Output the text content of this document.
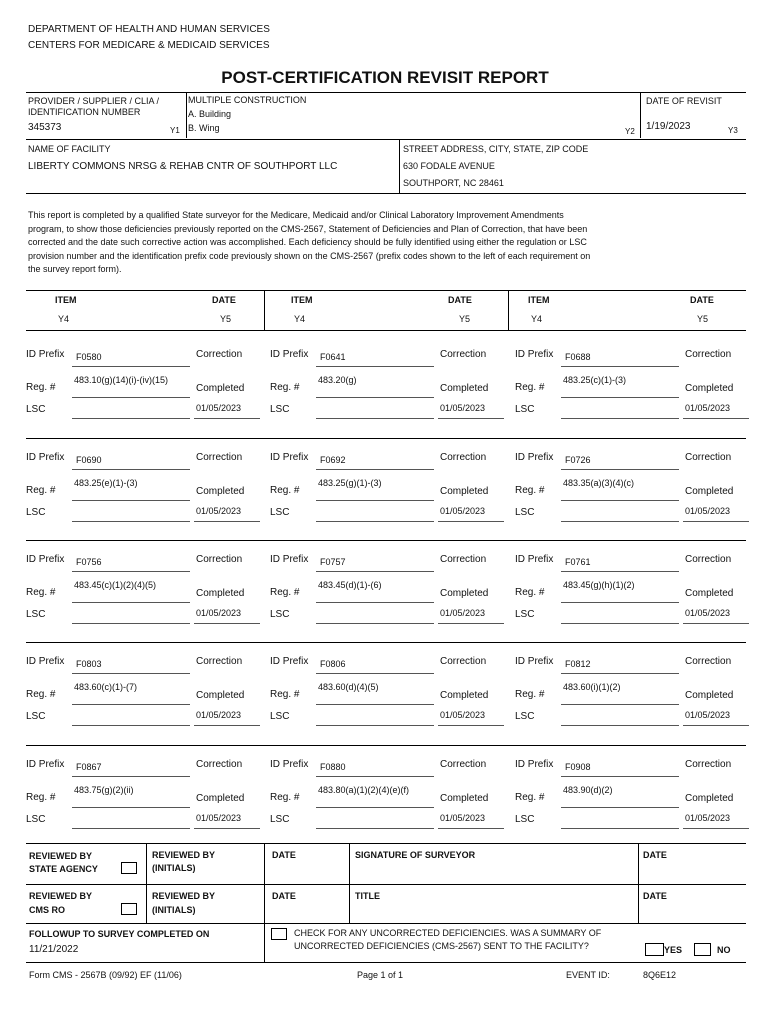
DEPARTMENT OF HEALTH AND HUMAN SERVICES
CENTERS FOR MEDICARE & MEDICAID SERVICES
POST-CERTIFICATION REVISIT REPORT
PROVIDER / SUPPLIER / CLIA /
IDENTIFICATION NUMBER
345373	Y1
MULTIPLE CONSTRUCTION
A. Building
B. Wing	Y2
DATE OF REVISIT
1/19/2023	Y3
NAME OF FACILITY
LIBERTY COMMONS NRSG & REHAB CNTR OF SOUTHPORT LLC
STREET ADDRESS, CITY, STATE, ZIP CODE
630 FODALE AVENUE
SOUTHPORT, NC 28461
This report is completed by a qualified State surveyor for the Medicare, Medicaid and/or Clinical Laboratory Improvement Amendments
program, to show those deficiencies previously reported on the CMS-2567, Statement of Deficiencies and Plan of Correction, that have been
corrected and the date such corrective action was accomplished. Each deficiency should be fully identified using either the regulation or LSC
provision number and the identification prefix code previously shown on the CMS-2567 (prefix codes shown to the left of each requirement on
the survey report form).
ITEM	DATE
Y4	Y5
ITEM	DATE
Y4	Y5
ITEM	DATE
Y4	Y5
ID Prefix F0580	Correction
Reg. #
483.10(g)(14)(i)-(iv)(15)
Completed
LSC	01/05/2023
ID Prefix F0641	Correction
Reg. #
483.20(g)
Completed
LSC	01/05/2023
ID Prefix F0688	Correction
Reg. #
483.25(c)(1)-(3)
Completed
LSC	01/05/2023
ID Prefix F0690	Correction
Reg. #
483.25(e)(1)-(3)
Completed
LSC	01/05/2023
ID Prefix F0692	Correction
Reg. #
483.25(g)(1)-(3)
Completed
LSC	01/05/2023
ID Prefix F0726	Correction
Reg. #
483.35(a)(3)(4)(c)
Completed
LSC	01/05/2023
ID Prefix F0756	Correction
Reg. #
483.45(c)(1)(2)(4)(5)
Completed
LSC	01/05/2023
ID Prefix F0757	Correction
Reg. #
483.45(d)(1)-(6)
Completed
LSC	01/05/2023
ID Prefix F0761	Correction
Reg. #
483.45(g)(h)(1)(2)
Completed
LSC	01/05/2023
ID Prefix F0803	Correction
Reg. #
483.60(c)(1)-(7)
Completed
LSC	01/05/2023
ID Prefix F0806	Correction
Reg. #
483.60(d)(4)(5)
Completed
LSC	01/05/2023
ID Prefix F0812	Correction
Reg. #
483.60(i)(1)(2)
Completed
LSC	01/05/2023
ID Prefix F0867	Correction
Reg. #
483.75(g)(2)(ii)
Completed
LSC	01/05/2023
ID Prefix F0880	Correction
Reg. #
483.80(a)(1)(2)(4)(e)(f)
Completed
LSC	01/05/2023
ID Prefix F0908	Correction
Reg. #
483.90(d)(2)
Completed
LSC	01/05/2023
REVIEWED BY
STATE AGENCY
REVIEWED BY
(INITIALS)
DATE	SIGNATURE OF SURVEYOR	DATE
REVIEWED BY
CMS RO
REVIEWED BY
(INITIALS)
DATE	TITLE	DATE
FOLLOWUP TO SURVEY COMPLETED ON
11/21/2022
CHECK FOR ANY UNCORRECTED DEFICIENCIES. WAS A SUMMARY OF
UNCORRECTED DEFICIENCIES (CMS-2567) SENT TO THE FACILITY?	YES	NO
Form CMS - 2567B (09/92) EF (11/06)	Page 1 of 1	EVENT ID:	8Q6E12
